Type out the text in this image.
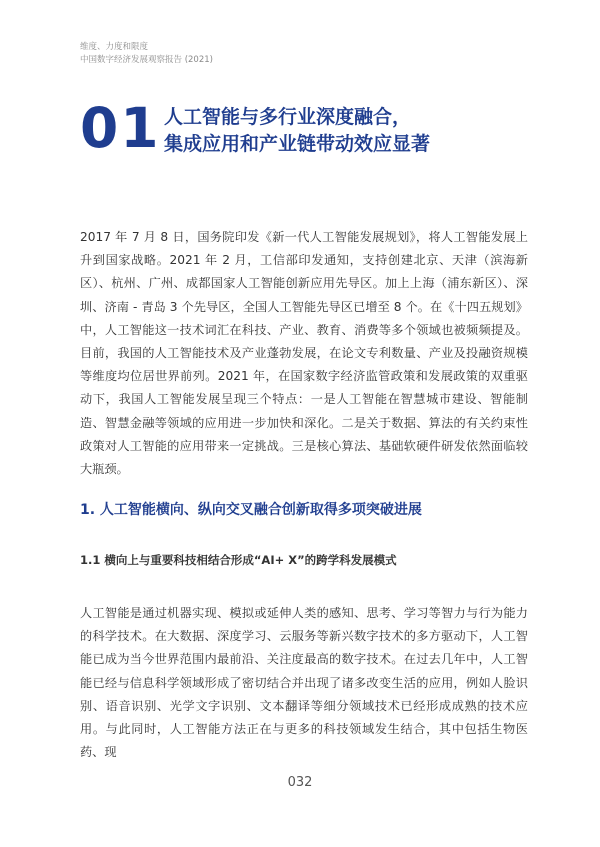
维度、力度和限度
中国数字经济发展观察报告 (2021)
01 人工智能与多行业深度融合，
集成应用和产业链带动效应显著
2017 年 7 月 8 日，国务院印发《新一代人工智能发展规划》，将人工智能发展上升到国家战略。2021 年 2 月，工信部印发通知，支持创建北京、天津（滨海新区）、杭州、广州、成都国家人工智能创新应用先导区。加上上海（浦东新区）、深圳、济南 - 青岛 3 个先导区，全国人工智能先导区已增至 8 个。在《十四五规划》中，人工智能这一技术词汇在科技、产业、教育、消费等多个领域也被频频提及。目前，我国的人工智能技术及产业蓬勃发展，在论文专利数量、产业及投融资规模等维度均位居世界前列。2021 年，在国家数字经济监管政策和发展政策的双重驱动下，我国人工智能发展呈现三个特点：一是人工智能在智慧城市建设、智能制造、智慧金融等领域的应用进一步加快和深化。二是关于数据、算法的有关约束性政策对人工智能的应用带来一定挑战。三是核心算法、基础软硬件研发依然面临较大瓶颈。
1. 人工智能横向、纵向交叉融合创新取得多项突破进展
1.1 横向上与重要科技相结合形成“AI+ X”的跨学科发展模式
人工智能是通过机器实现、模拟或延伸人类的感知、思考、学习等智力与行为能力的科学技术。在大数据、深度学习、云服务等新兴数字技术的多方驱动下，人工智能已成为当今世界范围内最前沿、关注度最高的数字技术。在过去几年中，人工智能已经与信息科学领域形成了密切结合并出现了诸多改变生活的应用，例如人脸识别、语音识别、光学文字识别、文本翻译等细分领域技术已经形成成熟的技术应用。与此同时，人工智能方法正在与更多的科技领域发生结合，其中包括生物医药、现
032
